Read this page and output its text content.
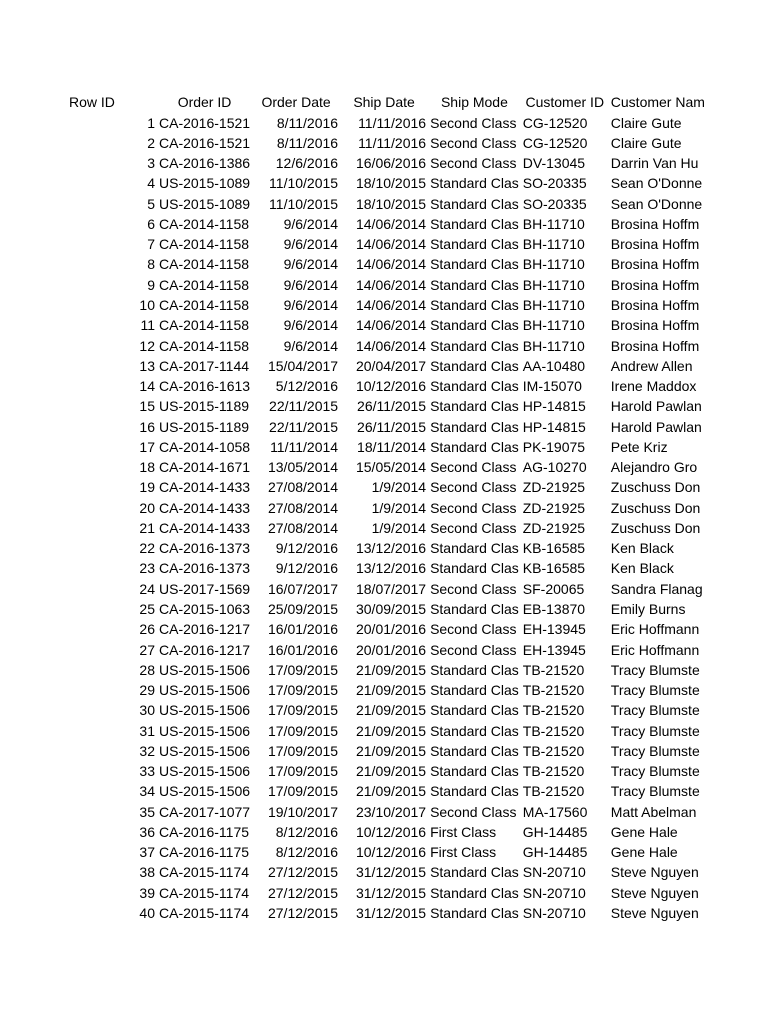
	Row ID	Order ID	Order Date	Ship Date	Ship Mode	Customer ID	Customer Nam
	1	CA-2016-1521	8/11/2016	11/11/2016	Second Class	CG-12520	Claire Gute
	2	CA-2016-1521	8/11/2016	11/11/2016	Second Class	CG-12520	Claire Gute
	3	CA-2016-1386	12/6/2016	16/06/2016	Second Class	DV-13045	Darrin Van Hu
	4	US-2015-1089	11/10/2015	18/10/2015	Standard Clas	SO-20335	Sean O'Donne
	5	US-2015-1089	11/10/2015	18/10/2015	Standard Clas	SO-20335	Sean O'Donne
	6	CA-2014-1158	9/6/2014	14/06/2014	Standard Clas	BH-11710	Brosina Hoffm
	7	CA-2014-1158	9/6/2014	14/06/2014	Standard Clas	BH-11710	Brosina Hoffm
	8	CA-2014-1158	9/6/2014	14/06/2014	Standard Clas	BH-11710	Brosina Hoffm
	9	CA-2014-1158	9/6/2014	14/06/2014	Standard Clas	BH-11710	Brosina Hoffm
	10	CA-2014-1158	9/6/2014	14/06/2014	Standard Clas	BH-11710	Brosina Hoffm
	11	CA-2014-1158	9/6/2014	14/06/2014	Standard Clas	BH-11710	Brosina Hoffm
	12	CA-2014-1158	9/6/2014	14/06/2014	Standard Clas	BH-11710	Brosina Hoffm
	13	CA-2017-1144	15/04/2017	20/04/2017	Standard Clas	AA-10480	Andrew Allen
	14	CA-2016-1613	5/12/2016	10/12/2016	Standard Clas	IM-15070	Irene Maddox
	15	US-2015-1189	22/11/2015	26/11/2015	Standard Clas	HP-14815	Harold Pawlan
	16	US-2015-1189	22/11/2015	26/11/2015	Standard Clas	HP-14815	Harold Pawlan
	17	CA-2014-1058	11/11/2014	18/11/2014	Standard Clas	PK-19075	Pete Kriz
	18	CA-2014-1671	13/05/2014	15/05/2014	Second Class	AG-10270	Alejandro Gro
	19	CA-2014-1433	27/08/2014	1/9/2014	Second Class	ZD-21925	Zuschuss Don
	20	CA-2014-1433	27/08/2014	1/9/2014	Second Class	ZD-21925	Zuschuss Don
	21	CA-2014-1433	27/08/2014	1/9/2014	Second Class	ZD-21925	Zuschuss Don
	22	CA-2016-1373	9/12/2016	13/12/2016	Standard Clas	KB-16585	Ken Black
	23	CA-2016-1373	9/12/2016	13/12/2016	Standard Clas	KB-16585	Ken Black
	24	US-2017-1569	16/07/2017	18/07/2017	Second Class	SF-20065	Sandra Flanag
	25	CA-2015-1063	25/09/2015	30/09/2015	Standard Clas	EB-13870	Emily Burns
	26	CA-2016-1217	16/01/2016	20/01/2016	Second Class	EH-13945	Eric Hoffmann
	27	CA-2016-1217	16/01/2016	20/01/2016	Second Class	EH-13945	Eric Hoffmann
	28	US-2015-1506	17/09/2015	21/09/2015	Standard Clas	TB-21520	Tracy Blumste
	29	US-2015-1506	17/09/2015	21/09/2015	Standard Clas	TB-21520	Tracy Blumste
	30	US-2015-1506	17/09/2015	21/09/2015	Standard Clas	TB-21520	Tracy Blumste
	31	US-2015-1506	17/09/2015	21/09/2015	Standard Clas	TB-21520	Tracy Blumste
	32	US-2015-1506	17/09/2015	21/09/2015	Standard Clas	TB-21520	Tracy Blumste
	33	US-2015-1506	17/09/2015	21/09/2015	Standard Clas	TB-21520	Tracy Blumste
	34	US-2015-1506	17/09/2015	21/09/2015	Standard Clas	TB-21520	Tracy Blumste
	35	CA-2017-1077	19/10/2017	23/10/2017	Second Class	MA-17560	Matt Abelman
	36	CA-2016-1175	8/12/2016	10/12/2016	First Class	GH-14485	Gene Hale
	37	CA-2016-1175	8/12/2016	10/12/2016	First Class	GH-14485	Gene Hale
	38	CA-2015-1174	27/12/2015	31/12/2015	Standard Clas	SN-20710	Steve Nguyen
	39	CA-2015-1174	27/12/2015	31/12/2015	Standard Clas	SN-20710	Steve Nguyen
	40	CA-2015-1174	27/12/2015	31/12/2015	Standard Clas	SN-20710	Steve Nguyen
